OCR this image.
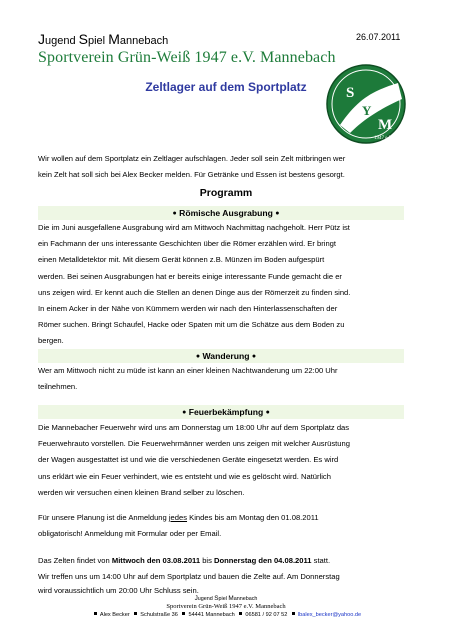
Jugend Spiel Mannebach	26.07.2011
Sportverein Grün-Weiß 1947 e.V. Mannebach
Zeltlager auf dem Sportplatz	S
Y
M
1947 e.V.
Wir wollen auf dem Sportplatz ein Zeltlager aufschlagen. Jeder soll sein Zelt mitbringen wer
kein Zelt hat soll sich bei Alex Becker melden. Für Getränke und Essen ist bestens gesorgt.
Programm
● Römische Ausgrabung ●
Die im Juni ausgefallene Ausgrabung wird am Mittwoch Nachmittag nachgeholt. Herr Pütz ist
ein Fachmann der uns interessante Geschichten über die Römer erzählen wird. Er bringt
einen Metalldetektor mit. Mit diesem Gerät können z.B. Münzen im Boden aufgespürt
werden. Bei seinen Ausgrabungen hat er bereits einige interessante Funde gemacht die er
uns zeigen wird. Er kennt auch die Stellen an denen Dinge aus der Römerzeit zu finden sind.
In einem Acker in der Nähe von Kümmern werden wir nach den Hinterlassenschaften der
Römer suchen. Bringt Schaufel, Hacke oder Spaten mit um die Schätze aus dem Boden zu
bergen.
● Wanderung ●
Wer am Mittwoch nicht zu müde ist kann an einer kleinen Nachtwanderung um 22:00 Uhr
teilnehmen.
● Feuerbekämpfung ●
Die Mannebacher Feuerwehr wird uns am Donnerstag um 18:00 Uhr auf dem Sportplatz das
Feuerwehrauto vorstellen. Die Feuerwehrmänner werden uns zeigen mit welcher Ausrüstung
der Wagen ausgestattet ist und wie die verschiedenen Geräte eingesetzt werden. Es wird
uns erklärt wie ein Feuer verhindert, wie es entsteht und wie es gelöscht wird. Natürlich
werden wir versuchen einen kleinen Brand selber zu löschen.
Für unsere Planung ist die Anmeldung jedes Kindes bis am Montag den 01.08.2011
obligatorisch! Anmeldung mit Formular oder per Email.
Das Zelten findet von Mittwoch den 03.08.2011 bis Donnerstag den 04.08.2011 statt.
Wir treffen uns um 14:00 Uhr auf dem Sportplatz und bauen die Zelte auf. Am Donnerstag
wird voraussichtlich um 20:00 Uhr Schluss sein.
Jugend Spiel Mannebach
Sportverein Grün-Weiß 1947 e.V. Mannebach
Alex Becker Schulstraße 36 54441 Mannebach 06581 / 92 07 52 lbalex_becker@yahoo.de
